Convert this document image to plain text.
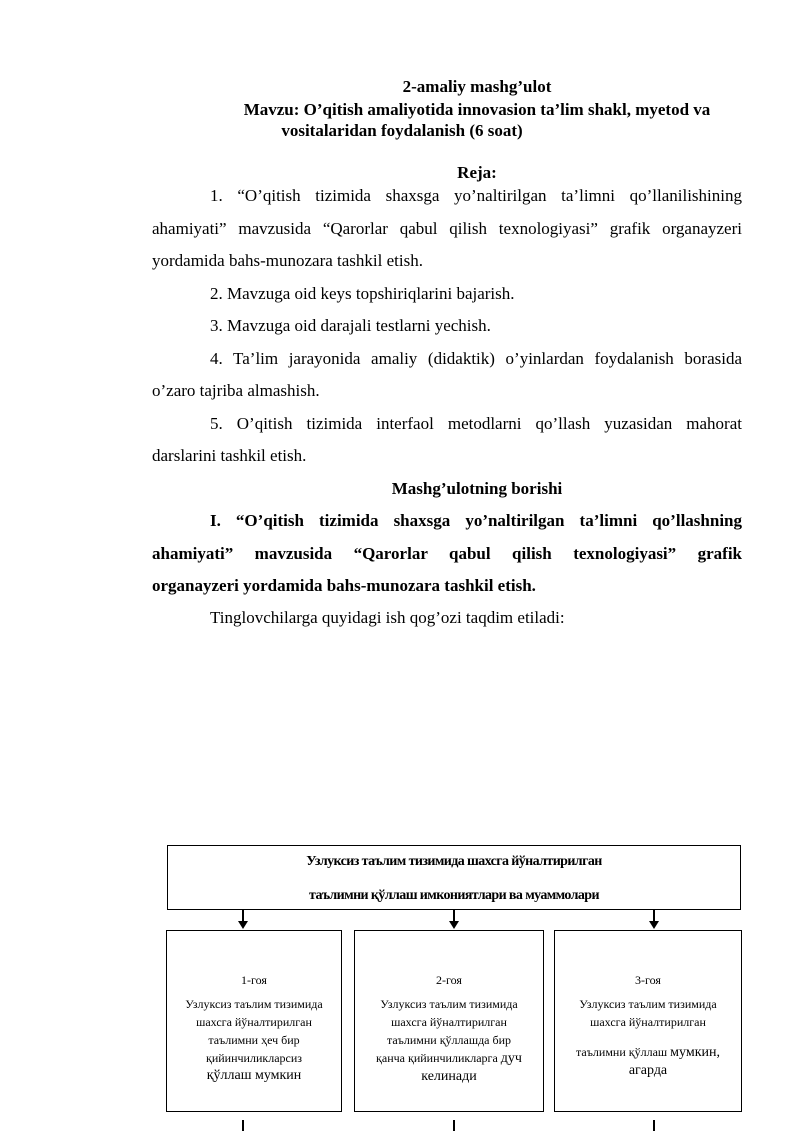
2-amaliy mashg’ulot
Mavzu: O’qitish amaliyotida innovasion ta’lim shakl, myetod va
vositalaridan foydalanish (6 soat)
Reja:
1. “O’qitish tizimida shaxsga yo’naltirilgan ta’limni qo’llanilishining
ahamiyati” mavzusida “Qarorlar qabul qilish texnologiyasi” grafik organayzeri
yordamida bahs-munozara tashkil etish.
2. Mavzuga oid keys topshiriqlarini bajarish.
3. Mavzuga oid darajali testlarni yechish.
4. Ta’lim jarayonida amaliy (didaktik) o’yinlardan foydalanish borasida
o’zaro tajriba almashish.
5. O’qitish tizimida interfaol metodlarni qo’llash yuzasidan mahorat
darslarini tashkil etish.
Mashg’ulotning borishi
I. “O’qitish tizimida shaxsga yo’naltirilgan ta’limni qo’llashning
ahamiyati” mavzusida “Qarorlar qabul qilish texnologiyasi” grafik
organayzeri yordamida bahs-munozara tashkil etish.
Tinglovchilarga quyidagi ish qog’ozi taqdim etiladi:
Узлуксиз таълим тизимида шахсга йўналтирилган
таълимни қўллаш имкониятлари ва муаммолари
1-гоя
Узлуксиз таълим тизимида
шахсга йўналтирилган
таълимни ҳеч бир
қийинчиликларсиз
қўллаш мумкин
2-гоя
Узлуксиз таълим тизимида
шахсга йўналтирилган
таълимни қўллашда бир
қанча қийинчиликларга дуч
келинади
3-гоя
Узлуксиз таълим тизимида
шахсга йўналтирилган
таълимни қўллаш мумкин,
агарда
